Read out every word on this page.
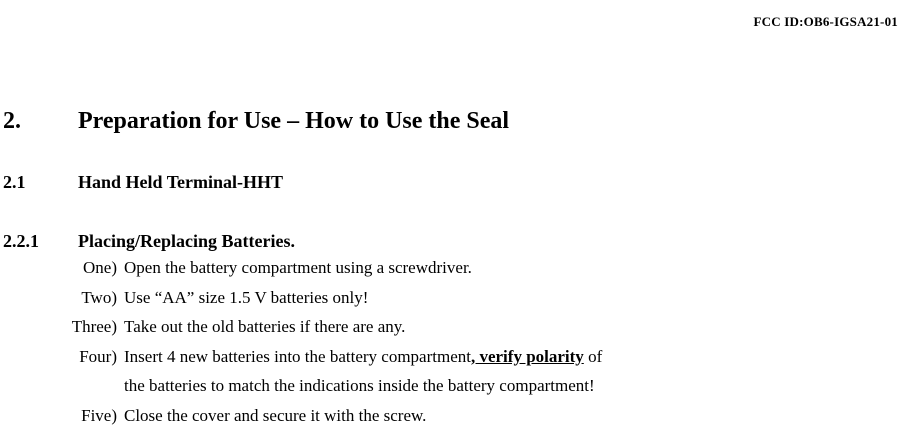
FCC ID:OB6-IGSA21-01
2. Preparation for Use – How to Use the Seal
2.1	Hand Held Terminal-HHT
2.2.1 Placing/Replacing Batteries.
One) Open the battery compartment using a screwdriver.
Two) Use “AA” size 1.5 V batteries only!
Three) Take out the old batteries if there are any.
Four) Insert 4 new batteries into the battery compartment, verify polarity of
the batteries to match the indications inside the battery compartment!
Five) Close the cover and secure it with the screw.
